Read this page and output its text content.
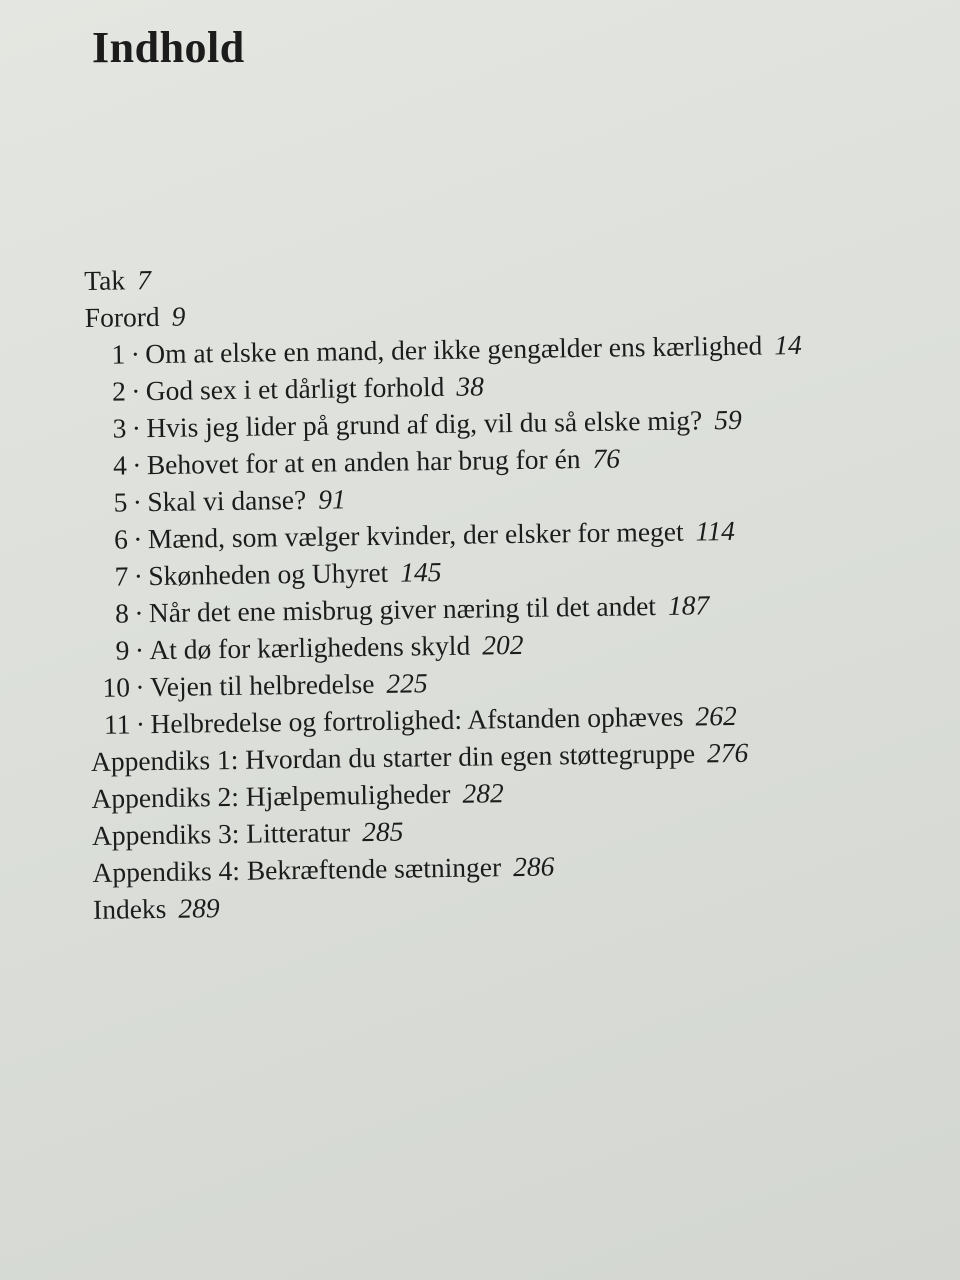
Indhold
Tak 7
Forord 9
1 · Om at elske en mand, der ikke gengælder ens kærlighed 14
2 · God sex i et dårligt forhold 38
3 · Hvis jeg lider på grund af dig, vil du så elske mig? 59
4 · Behovet for at en anden har brug for én 76
5 · Skal vi danse? 91
6 · Mænd, som vælger kvinder, der elsker for meget 114
7 · Skønheden og Uhyret 145
8 · Når det ene misbrug giver næring til det andet 187
9 · At dø for kærlighedens skyld 202
10 · Vejen til helbredelse 225
11 · Helbredelse og fortrolighed: Afstanden ophæves 262
Appendiks 1: Hvordan du starter din egen støttegruppe 276
Appendiks 2: Hjælpemuligheder 282
Appendiks 3: Litteratur 285
Appendiks 4: Bekræftende sætninger 286
Indeks 289
